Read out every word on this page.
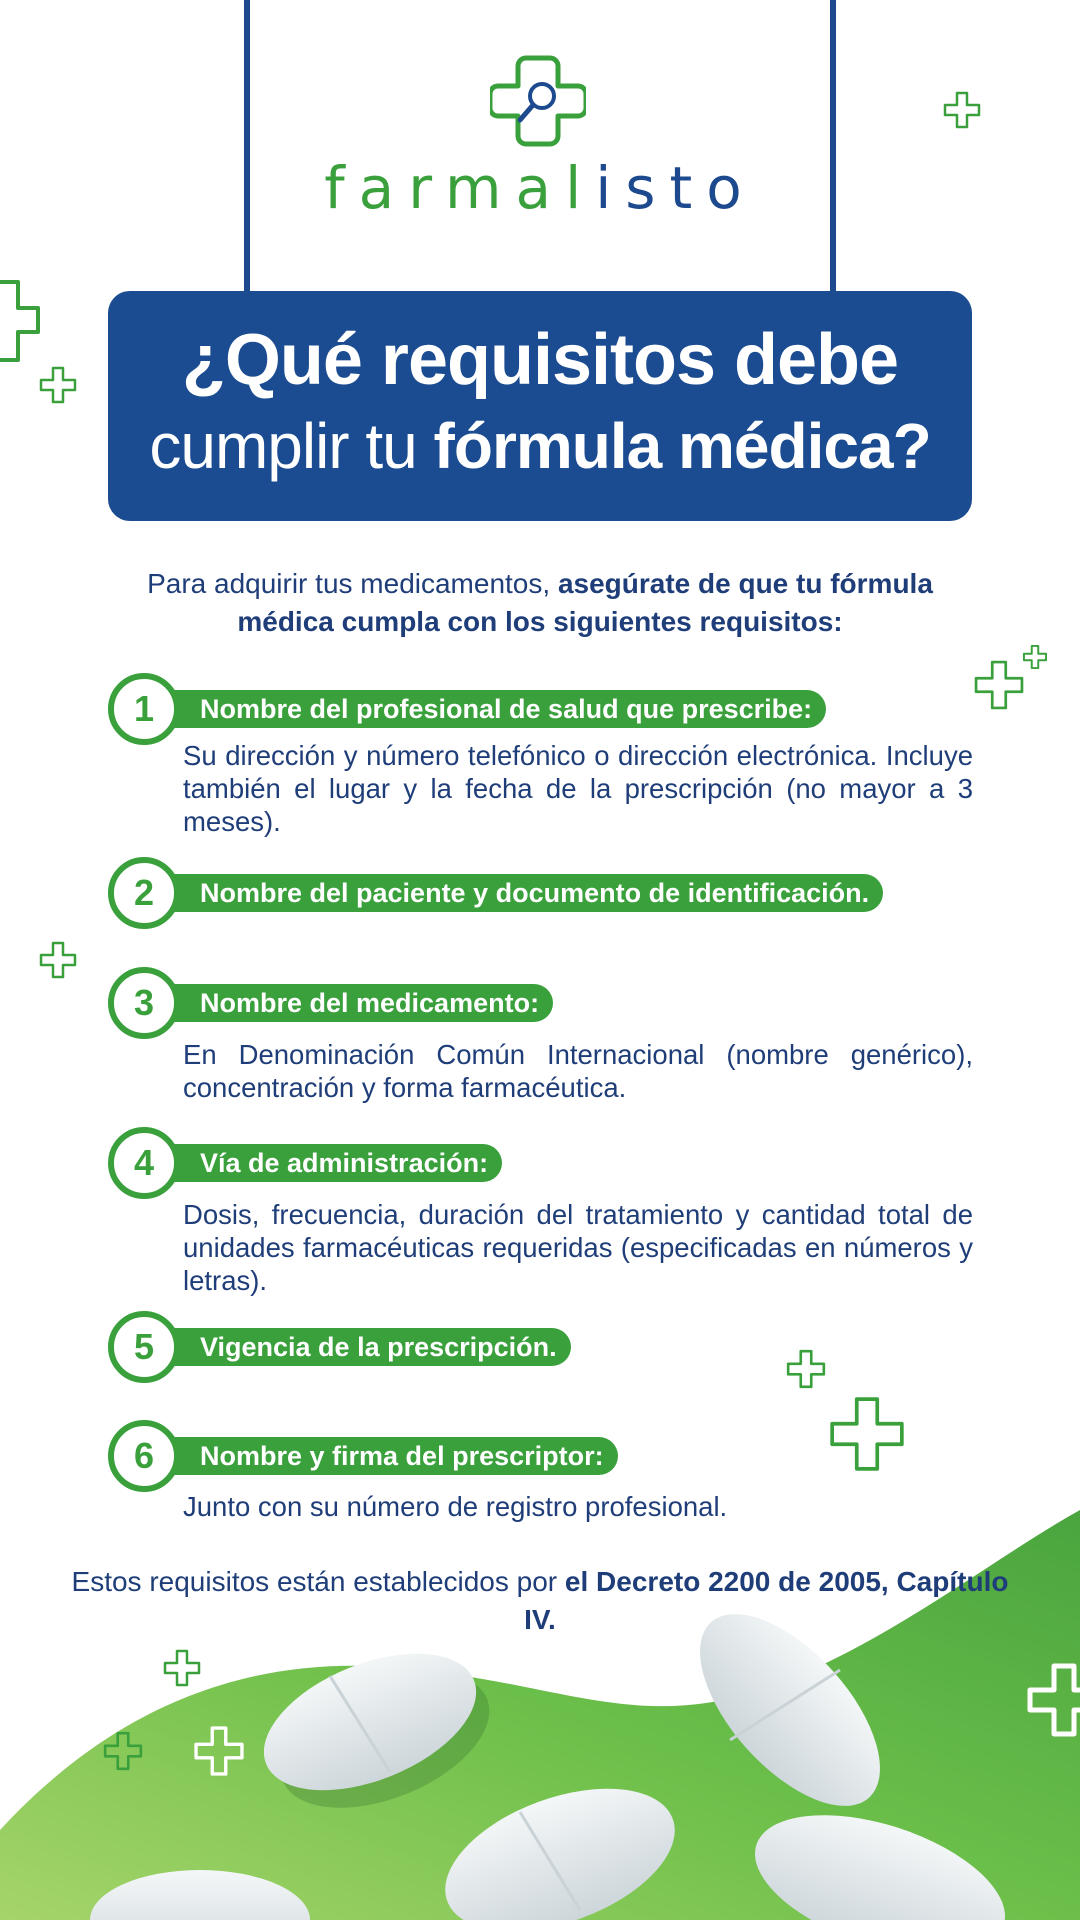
farmalisto
¿Qué requisitos debe
cumplir tu fórmula médica?
Para adquirir tus medicamentos, asegúrate de que tu fórmula médica cumpla con los siguientes requisitos:
1	Nombre del profesional de salud que prescribe:
Su dirección y número telefónico o dirección electrónica. Incluye también el lugar y la fecha de la prescripción (no mayor a 3 meses).
2	Nombre del paciente y documento de identificación.
3	Nombre del medicamento:
En Denominación Común Internacional (nombre genérico), concentración y forma farmacéutica.
4	Vía de administración:
Dosis, frecuencia, duración del tratamiento y cantidad total de unidades farmacéuticas requeridas (especificadas en números y letras).
5	Vigencia de la prescripción.
6	Nombre y firma del prescriptor:
Junto con su número de registro profesional.
Estos requisitos están establecidos por el Decreto 2200 de 2005, Capítulo IV.
